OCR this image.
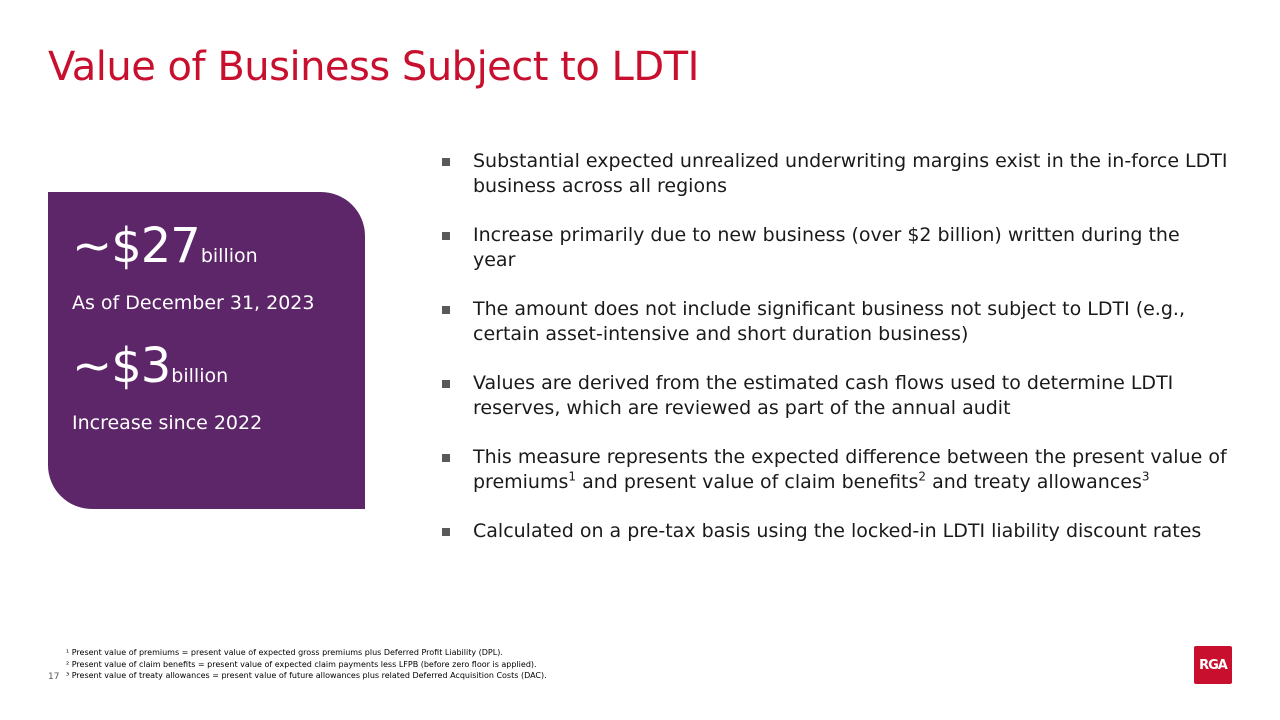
Value of Business Subject to LDTI
~$27 billion
As of December 31, 2023
~$3 billion
Increase since 2022
Substantial expected unrealized underwriting margins exist in the in-force LDTI business across all regions
Increase primarily due to new business (over $2 billion) written during the year
The amount does not include significant business not subject to LDTI (e.g., certain asset-intensive and short duration business)
Values are derived from the estimated cash flows used to determine LDTI reserves, which are reviewed as part of the annual audit
This measure represents the expected difference between the present value of premiums$^1$ and present value of claim benefits$^2$ and treaty allowances$^3$
Calculated on a pre-tax basis using the locked-in LDTI liability discount rates
¹ Present value of premiums = present value of expected gross premiums plus Deferred Profit Liability (DPL).
² Present value of claim benefits = present value of expected claim payments less LFPB (before zero floor is applied).
³ Present value of treaty allowances = present value of future allowances plus related Deferred Acquisition Costs (DAC).
17
RGA
